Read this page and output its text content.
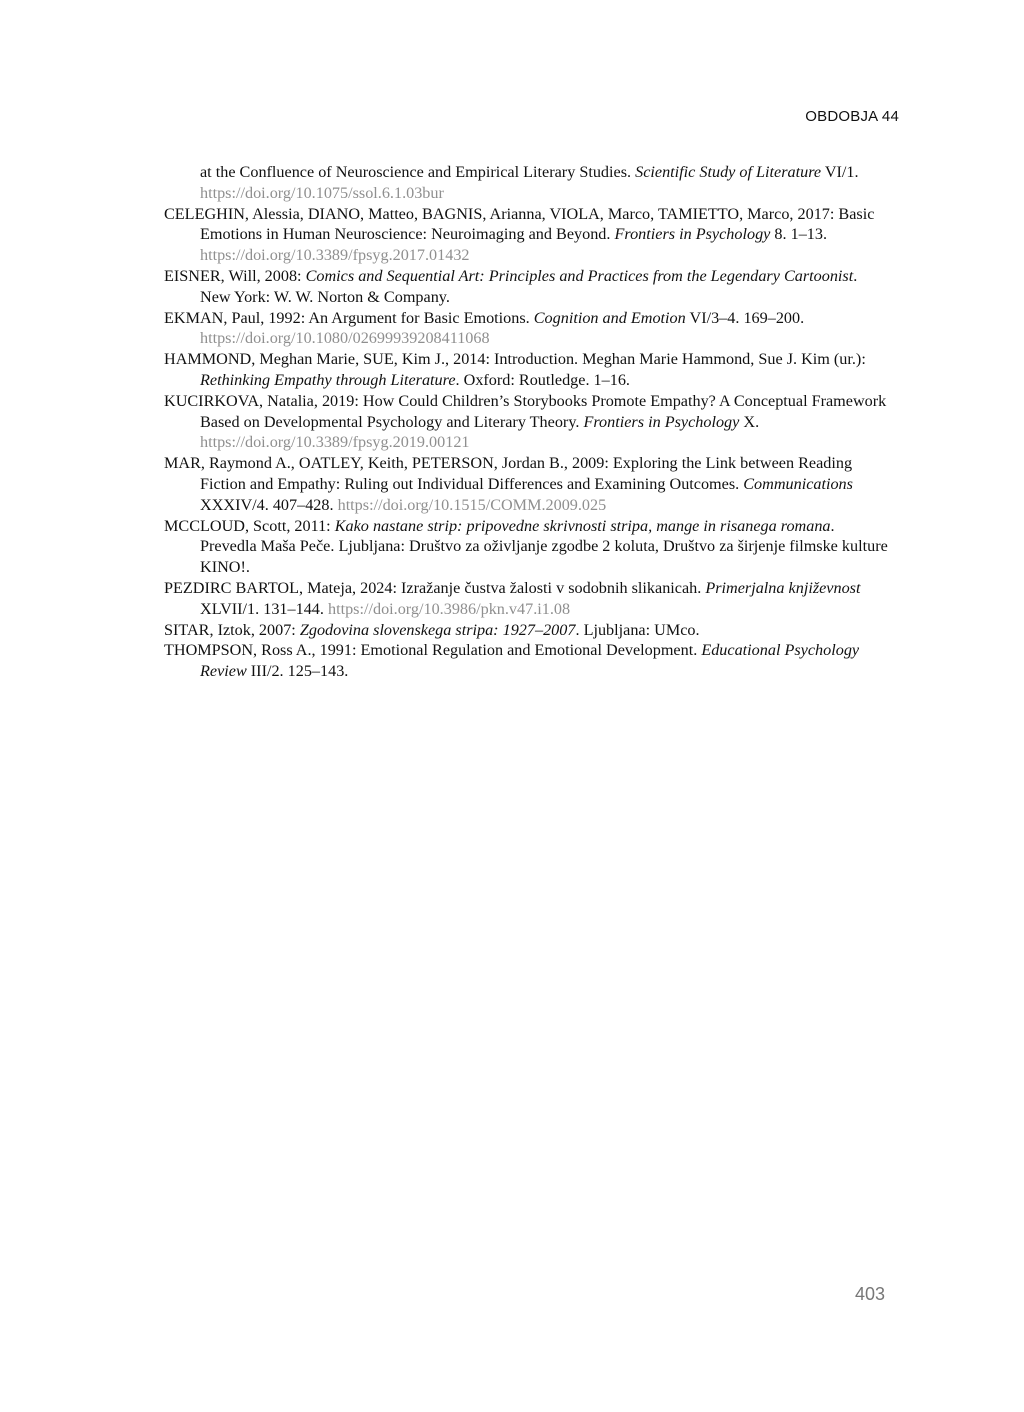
OBDOBJA 44

at the Confluence of Neuroscience and Empirical Literary Studies. Scientific Study of Literature VI/1. https://doi.org/10.1075/ssol.6.1.03bur

CELEGHIN, Alessia, DIANO, Matteo, BAGNIS, Arianna, VIOLA, Marco, TAMIETTO, Marco, 2017: Basic Emotions in Human Neuroscience: Neuroimaging and Beyond. Frontiers in Psychology 8. 1–13. https://doi.org/10.3389/fpsyg.2017.01432

EISNER, Will, 2008: Comics and Sequential Art: Principles and Practices from the Legendary Cartoonist. New York: W. W. Norton & Company.

EKMAN, Paul, 1992: An Argument for Basic Emotions. Cognition and Emotion VI/3–4. 169–200. https://doi.org/10.1080/02699939208411068

HAMMOND, Meghan Marie, SUE, Kim J., 2014: Introduction. Meghan Marie Hammond, Sue J. Kim (ur.): Rethinking Empathy through Literature. Oxford: Routledge. 1–16.

KUCIRKOVA, Natalia, 2019: How Could Children’s Storybooks Promote Empathy? A Conceptual Framework Based on Developmental Psychology and Literary Theory. Frontiers in Psychology X. https://doi.org/10.3389/fpsyg.2019.00121

MAR, Raymond A., OATLEY, Keith, PETERSON, Jordan B., 2009: Exploring the Link between Reading Fiction and Empathy: Ruling out Individual Differences and Examining Outcomes. Communications XXXIV/4. 407–428. https://doi.org/10.1515/COMM.2009.025

MCCLOUD, Scott, 2011: Kako nastane strip: pripovedne skrivnosti stripa, mange in risanega romana. Prevedla Maša Peče. Ljubljana: Društvo za oživljanje zgodbe 2 koluta, Društvo za širjenje filmske kulture KINO!.

PEZDIRC BARTOL, Mateja, 2024: Izražanje čustva žalosti v sodobnih slikanicah. Primerjalna književnost XLVII/1. 131–144. https://doi.org/10.3986/pkn.v47.i1.08

SITAR, Iztok, 2007: Zgodovina slovenskega stripa: 1927–2007. Ljubljana: UMco.

THOMPSON, Ross A., 1991: Emotional Regulation and Emotional Development. Educational Psychology Review III/2. 125–143.

403
